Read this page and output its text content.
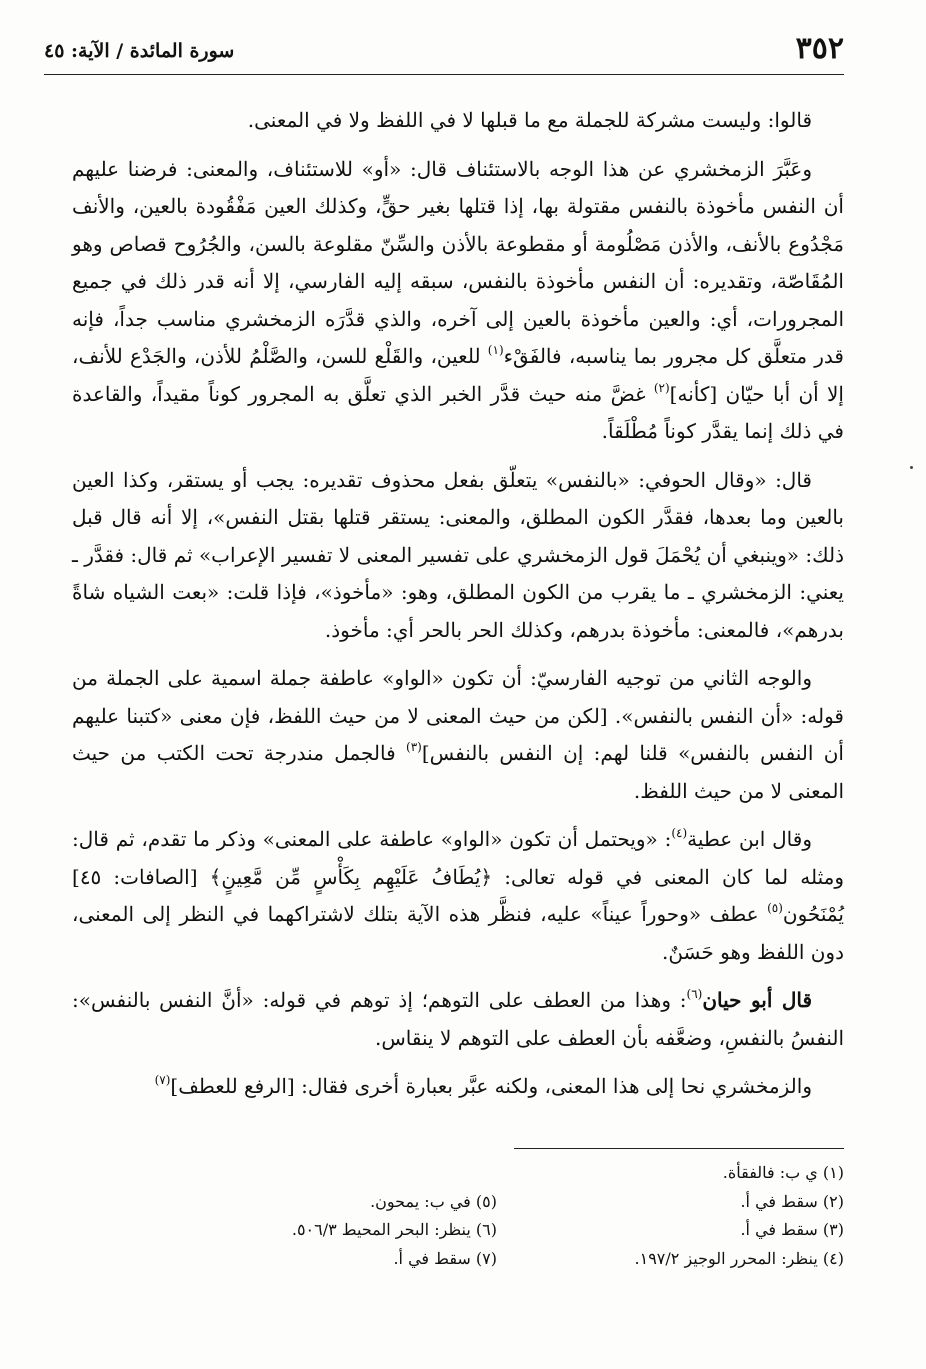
٣٥٢
سورة المائدة / الآية: ٤٥

قالوا: وليست مشركة للجملة مع ما قبلها لا في اللفظ ولا في المعنى.

وعَبَّرَ الزمخشري عن هذا الوجه بالاستئناف قال: «أو» للاستئناف، والمعنى: فرضنا عليهم أن النفس مأخوذة بالنفس مقتولة بها، إذا قتلها بغير حقٍّ، وكذلك العين مَفْقُودة بالعين، والأنف مَجْدُوع بالأنف، والأذن مَصْلُومة أو مقطوعة بالأذن والسِّنّ مقلوعة بالسن، والجُرُوح قصاص وهو المُقَاصّة، وتقديره: أن النفس مأخوذة بالنفس، سبقه إليه الفارسي، إلا أنه قدر ذلك في جميع المجرورات، أي: والعين مأخوذة بالعين إلى آخره، والذي قدَّرَه الزمخشري مناسب جداً، فإنه قدر متعلَّق كل مجرور بما يناسبه، فالفَقْء$^{(١)}$ للعين، والقَلْع للسن، والصَّلْمُ للأذن، والجَدْع للأنف، إلا أن أبا حيّان [كأنه]$^{(٢)}$ غضَّ منه حيث قدَّر الخبر الذي تعلَّق به المجرور كوناً مقيداً، والقاعدة في ذلك إنما يقدَّر كوناً مُطْلَقاً.

قال: «وقال الحوفي: «بالنفس» يتعلّق بفعل محذوف تقديره: يجب أو يستقر، وكذا العين بالعين وما بعدها، فقدَّر الكون المطلق، والمعنى: يستقر قتلها بقتل النفس»، إلا أنه قال قبل ذلك: «وينبغي أن يُحْمَلَ قول الزمخشري على تفسير المعنى لا تفسير الإعراب» ثم قال: فقدَّر ـ يعني: الزمخشري ـ ما يقرب من الكون المطلق، وهو: «مأخوذ»، فإذا قلت: «بعت الشياه شاةً بدرهم»، فالمعنى: مأخوذة بدرهم، وكذلك الحر بالحر أي: مأخوذ.

والوجه الثاني من توجيه الفارسيّ: أن تكون «الواو» عاطفة جملة اسمية على الجملة من قوله: «أن النفس بالنفس». [لكن من حيث المعنى لا من حيث اللفظ، فإن معنى «كتبنا عليهم أن النفس بالنفس» قلنا لهم: إن النفس بالنفس]$^{(٣)}$ فالجمل مندرجة تحت الكتب من حيث المعنى لا من حيث اللفظ.

وقال ابن عطية$^{(٤)}$: «ويحتمل أن تكون «الواو» عاطفة على المعنى» وذكر ما تقدم، ثم قال: ومثله لما كان المعنى في قوله تعالى: ﴿يُطَافُ عَلَيْهِم بِكَأْسٍ مِّن مَّعِينٍ﴾ [الصافات: ٤٥] يُمْنَحُون$^{(٥)}$ عطف «وحوراً عيناً» عليه، فنظَّر هذه الآية بتلك لاشتراكهما في النظر إلى المعنى، دون اللفظ وهو حَسَنٌ.

قال أبو حيان$^{(٦)}$: وهذا من العطف على التوهم؛ إذ توهم في قوله: «أنَّ النفس بالنفس»: النفسُ بالنفسِ، وضعَّفه بأن العطف على التوهم لا ينقاس.

والزمخشري نحا إلى هذا المعنى، ولكنه عبَّر بعبارة أخرى فقال: [الرفع للعطف]$^{(٧)}$

(١) ي ب: فالفقأة.
(٢) سقط في أ.
(٥) في ب: يمحون.
(٣) سقط في أ.
(٦) ينظر: البحر المحيط ٥٠٦/٣.
(٤) ينظر: المحرر الوجيز ١٩٧/٢.
(٧) سقط في أ.
